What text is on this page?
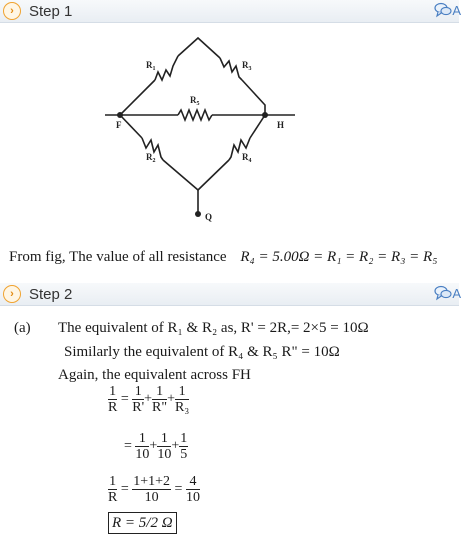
›	Step 1	A
$R_1$	$R_3$
$R_5$
$R_2$	$R_4$
F	H
Q
From fig, The value of all resistance R₄ = 5.00Ω = R₁ = R₂ = R₃ = R₅
›	Step 2	A
(a) The equivalent of R₁ & R₂ as, R' = 2R,= 2×5 = 10Ω
Similarly the equivalent of R₄ & R₅ R" = 10Ω
Again, the equivalent across FH
$\frac{1}{R} = \frac{1}{R'} + \frac{1}{R"} + \frac{1}{\text{R₃}}$
= $\frac{1}{10} + \frac{1}{10} + \frac{1}{5}$
$\frac{1}{R} = \frac{1+1+2}{10} = \frac{4}{10}$
R = 5/2 Ω
